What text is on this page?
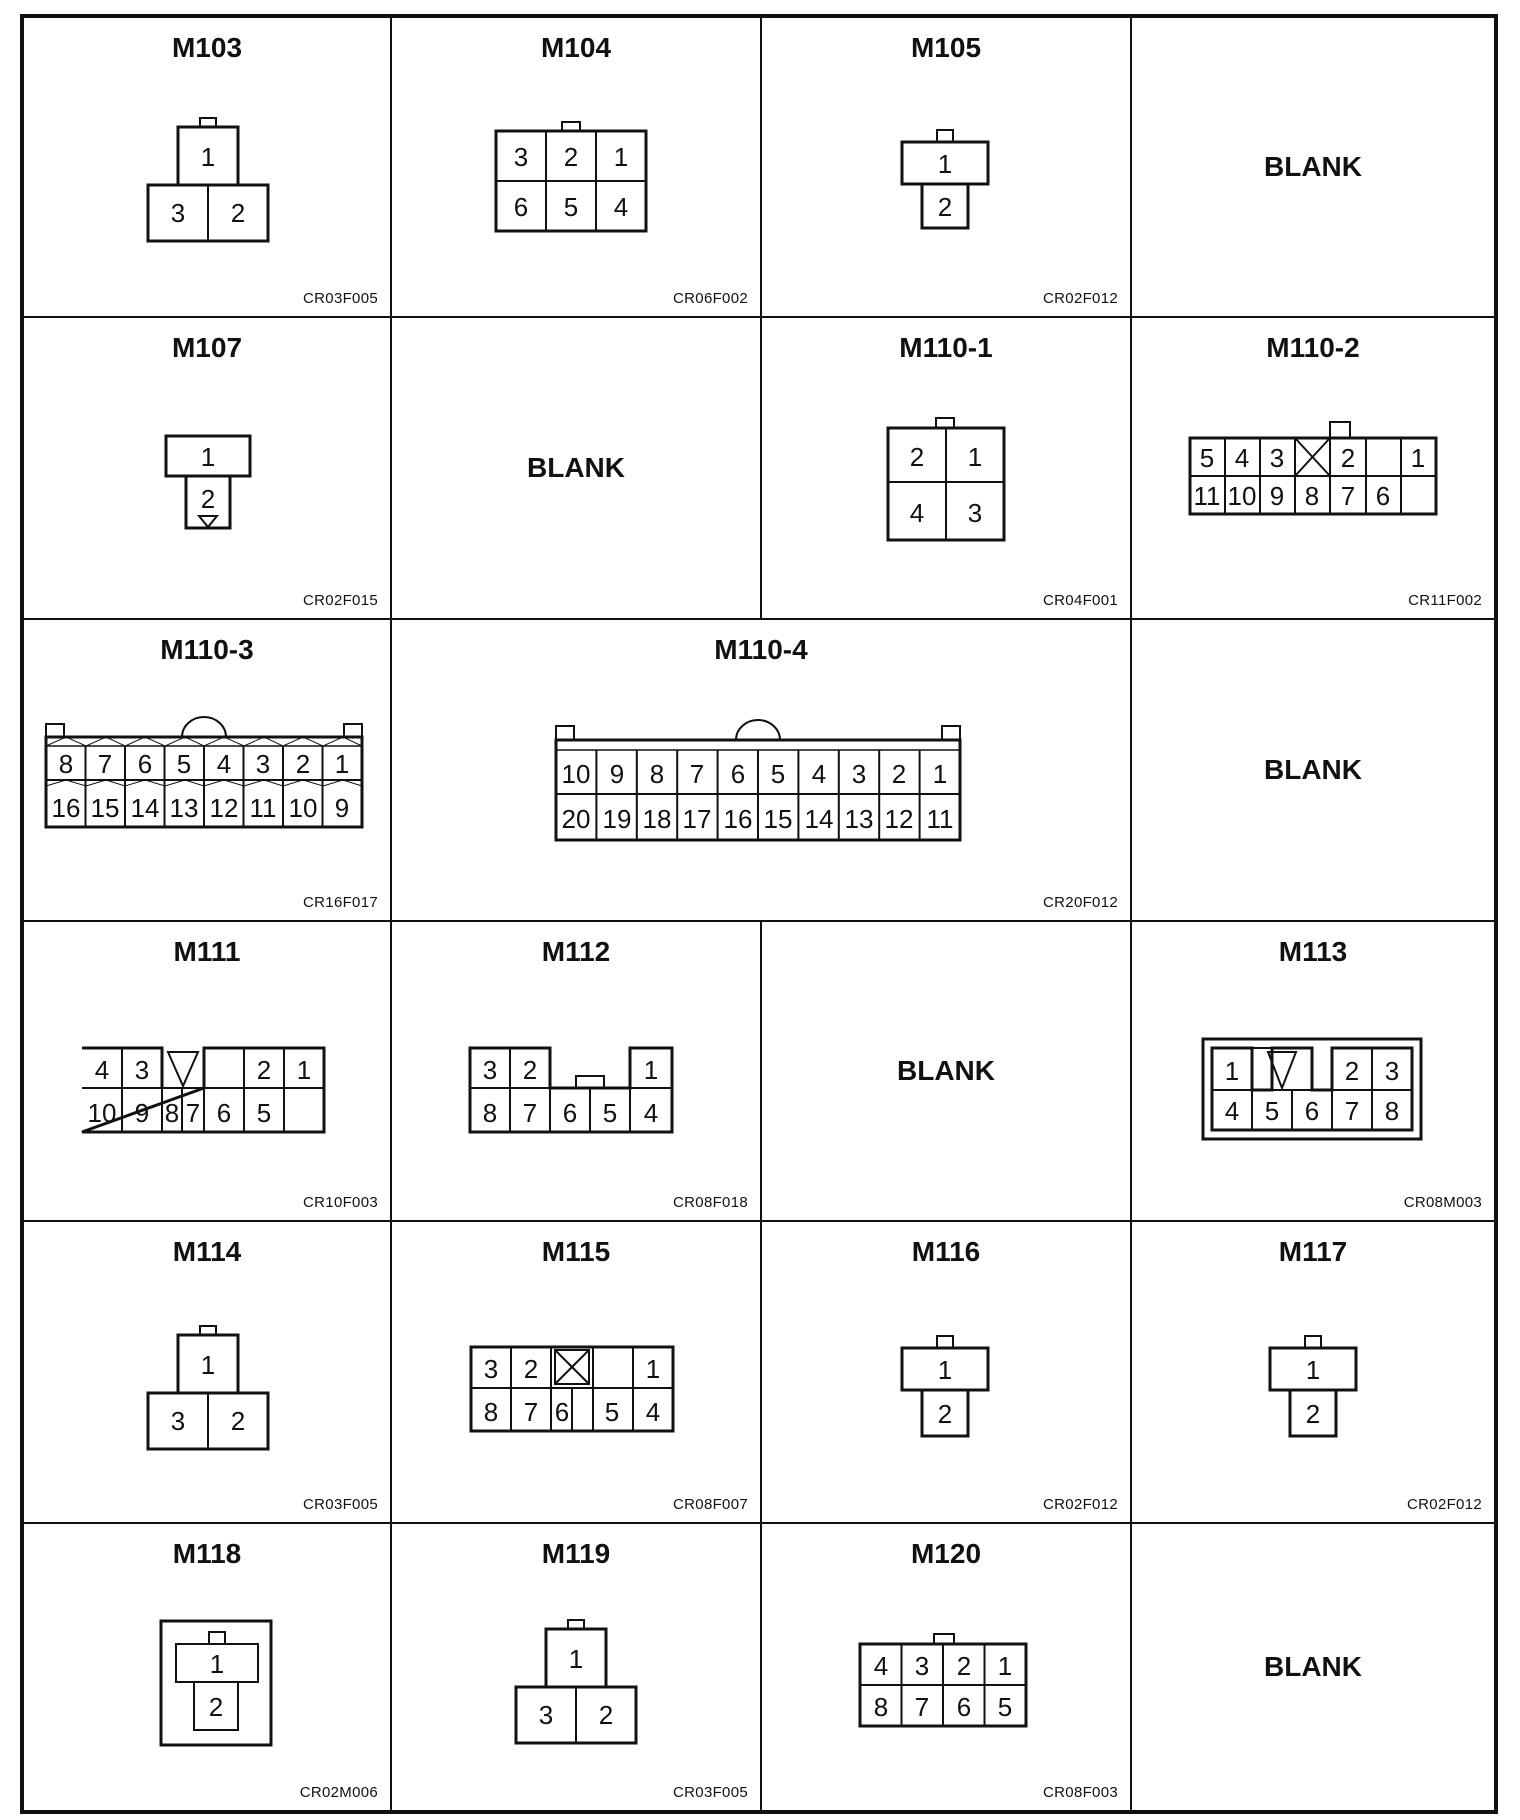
M103
1
3 2
CR03F005
M104
3 2 1
6 5 4
CR06F002
M105
1
2
CR02F012
BLANK
M107
1
2
CR02F015
BLANK
M110-1
2 1
4 3
CR04F001
M110-2
5 4 3 2 1
11 10 9 8 7 6
CR11F002
M110-3
8 7 6 5 4 3 2 1
16 15 14 13 12 11 10 9
CR16F017
M110-4
10 9 8 7 6 5 4 3 2 1
20 19 18 17 16 15 14 13 12 11
CR20F012
BLANK
M111
4 3	2 1
10 9 8 7 6 5
CR10F003
M112
3 2	1
8 7 6 5 4
CR08F018
BLANK
M113
1	2 3
4 5 6 7 8
CR08M003
M114
1
3 2
CR03F005
M115
3 2	1
8 7 6 5 4
CR08F007
M116
1
2
CR02F012
M117
1
2
CR02F012
M118
1
2
CR02M006
M119
1
3 2
CR03F005
M120
4 3 2 1
8 7 6 5
CR08F003
BLANK
